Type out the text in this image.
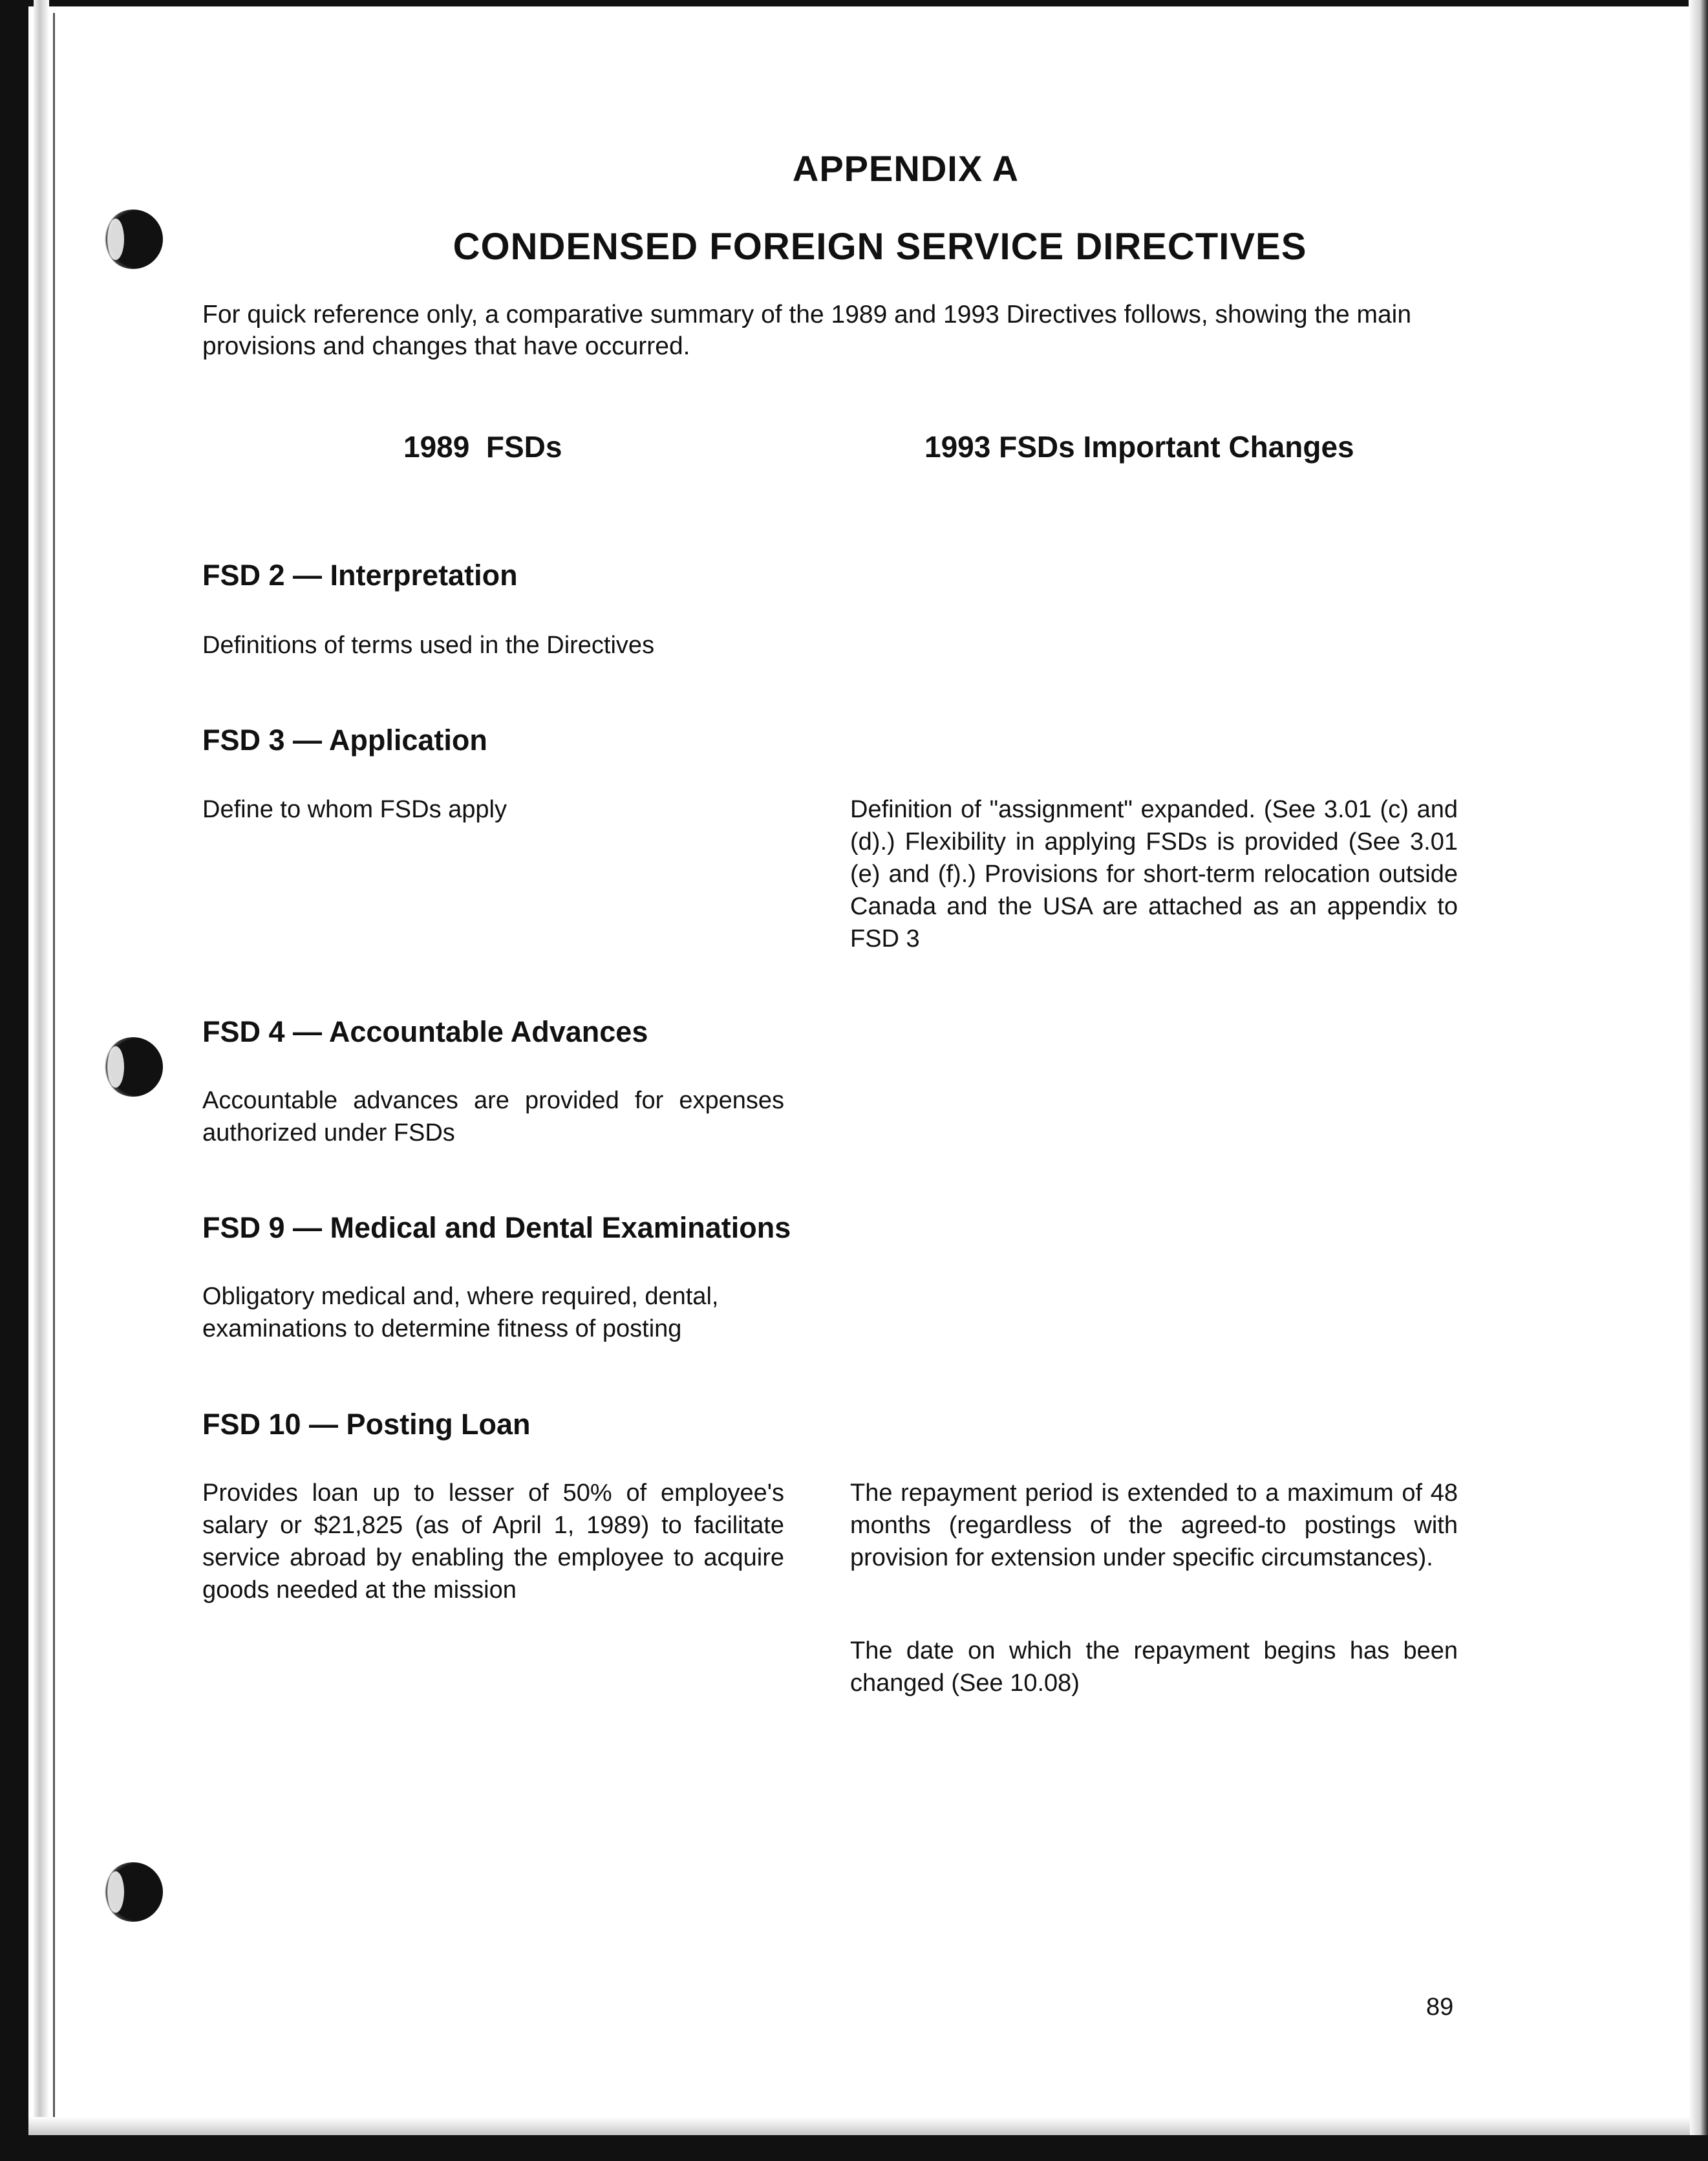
APPENDIX A
CONDENSED FOREIGN SERVICE DIRECTIVES
For quick reference only, a comparative summary of the 1989 and 1993 Directives follows, showing the main provisions and changes that have occurred.
1989  FSDs	1993 FSDs Important Changes
FSD 2 — Interpretation
Definitions of terms used in the Directives
FSD 3 — Application
Define to whom FSDs apply	Definition of "assignment" expanded. (See 3.01 (c) and (d).) Flexibility in applying FSDs is provided (See 3.01 (e) and (f).) Provisions for short-term relocation outside Canada and the USA are attached as an appendix to FSD 3
FSD 4 — Accountable Advances
Accountable advances are provided for expenses authorized under FSDs
FSD 9 — Medical and Dental Examinations
Obligatory medical and, where required, dental, examinations to determine fitness of posting
FSD 10 — Posting Loan
Provides loan up to lesser of 50% of employee's salary or $21,825 (as of April 1, 1989) to facilitate service abroad by enabling the employee to acquire goods needed at the mission
The repayment period is extended to a maximum of 48 months (regardless of the agreed-to postings with provision for extension under specific circumstances).
The date on which the repayment begins has been changed (See 10.08)
89
